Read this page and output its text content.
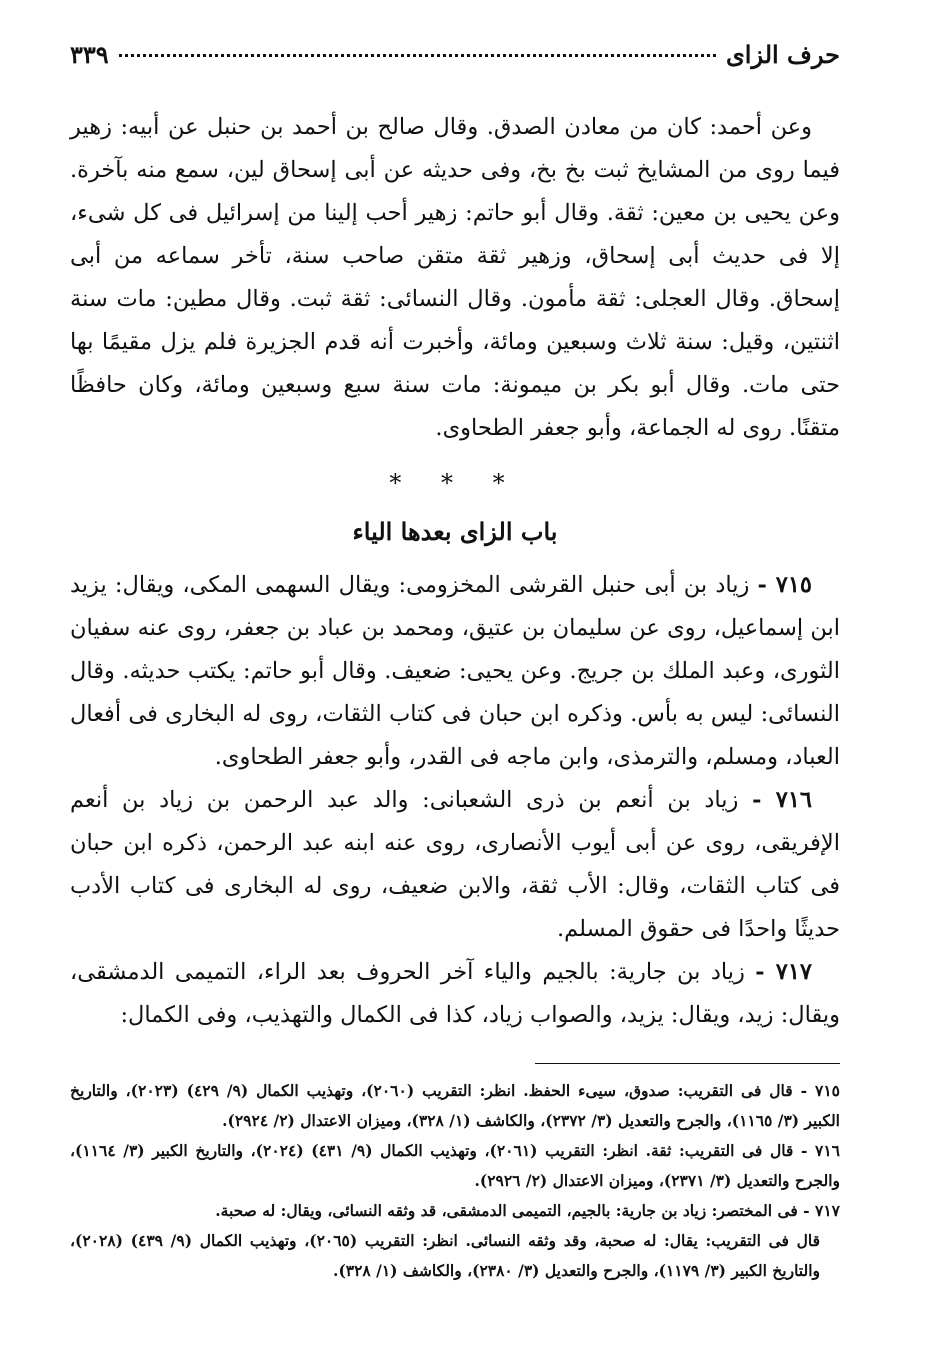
حرف الزاى
٣٣٩

وعن أحمد: كان من معادن الصدق. وقال صالح بن أحمد بن حنبل عن أبيه: زهير فيما روى من المشايخ ثبت بخ بخ، وفى حديثه عن أبى إسحاق لين، سمع منه بآخرة. وعن يحيى بن معين: ثقة. وقال أبو حاتم: زهير أحب إلينا من إسرائيل فى كل شىء، إلا فى حديث أبى إسحاق، وزهير ثقة متقن صاحب سنة، تأخر سماعه من أبى إسحاق. وقال العجلى: ثقة مأمون. وقال النسائى: ثقة ثبت. وقال مطين: مات سنة اثنتين، وقيل: سنة ثلاث وسبعين ومائة، وأخبرت أنه قدم الجزيرة فلم يزل مقيمًا بها حتى مات. وقال أبو بكر بن ميمونة: مات سنة سبع وسبعين ومائة، وكان حافظًا متقنًا. روى له الجماعة، وأبو جعفر الطحاوى.

* * *
باب الزاى بعدها الياء

٧١٥ - زياد بن أبى حنبل القرشى المخزومى: ويقال السهمى المكى، ويقال: يزيد ابن إسماعيل، روى عن سليمان بن عتيق، ومحمد بن عباد بن جعفر، روى عنه سفيان الثورى، وعبد الملك بن جريج. وعن يحيى: ضعيف. وقال أبو حاتم: يكتب حديثه. وقال النسائى: ليس به بأس. وذكره ابن حبان فى كتاب الثقات، روى له البخارى فى أفعال العباد، ومسلم، والترمذى، وابن ماجه فى القدر، وأبو جعفر الطحاوى.

٧١٦ - زياد بن أنعم بن ذرى الشعبانى: والد عبد الرحمن بن زياد بن أنعم الإفريقى، روى عن أبى أيوب الأنصارى، روى عنه ابنه عبد الرحمن، ذكره ابن حبان فى كتاب الثقات، وقال: الأب ثقة، والابن ضعيف، روى له البخارى فى كتاب الأدب حديثًا واحدًا فى حقوق المسلم.

٧١٧ - زياد بن جارية: بالجيم والياء آخر الحروف بعد الراء، التميمى الدمشقى، ويقال: زيد، ويقال: يزيد، والصواب زياد، كذا فى الكمال والتهذيب، وفى الكمال:

٧١٥ - قال فى التقريب: صدوق، سيىء الحفظ. انظر: التقريب (٢٠٦٠)، وتهذيب الكمال (٩/ ٤٢٩) (٢٠٢٣)، والتاريخ الكبير (٣/ ١١٦٥)، والجرح والتعديل (٣/ ٢٣٧٢)، والكاشف (١/ ٣٢٨)، وميزان الاعتدال (٢/ ٢٩٢٤).

٧١٦ - قال فى التقريب: ثقة. انظر: التقريب (٢٠٦١)، وتهذيب الكمال (٩/ ٤٣١) (٢٠٢٤)، والتاريخ الكبير (٣/ ١١٦٤)، والجرح والتعديل (٣/ ٢٣٧١)، وميزان الاعتدال (٢/ ٢٩٢٦).

٧١٧ - فى المختصر: زياد بن جارية: بالجيم، التميمى الدمشقى، قد وثقه النسائى، ويقال: له صحبة.

قال فى التقريب: يقال: له صحبة، وقد وثقه النسائى. انظر: التقريب (٢٠٦٥)، وتهذيب الكمال (٩/ ٤٣٩) (٢٠٢٨)، والتاريخ الكبير (٣/ ١١٧٩)، والجرح والتعديل (٣/ ٢٣٨٠)، والكاشف (١/ ٣٢٨).
